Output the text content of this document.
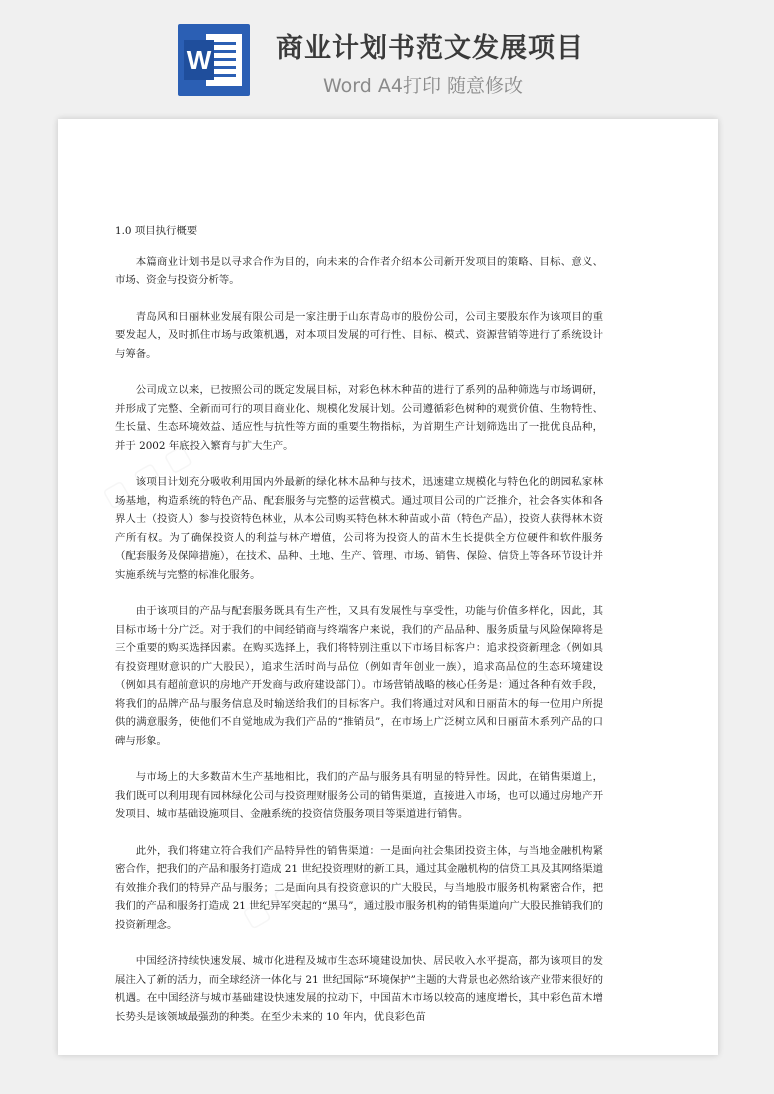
W 商业计划书范文发展项目
Word A4打印 随意修改
1.0 项目执行概要

本篇商业计划书是以寻求合作为目的，向未来的合作者介绍本公司新开发项目的策略、目标、意义、市场、资金与投资分析等。

青岛风和日丽林业发展有限公司是一家注册于山东青岛市的股份公司，公司主要股东作为该项目的重要发起人，及时抓住市场与政策机遇，对本项目发展的可行性、目标、模式、资源营销等进行了系统设计与筹备。

公司成立以来，已按照公司的既定发展目标，对彩色林木种苗的进行了系列的品种筛选与市场调研，并形成了完整、全新而可行的项目商业化、规模化发展计划。公司遵循彩色树种的观赏价值、生物特性、生长量、生态环境效益、适应性与抗性等方面的重要生物指标，为首期生产计划筛选出了一批优良品种，并于 2002 年底投入繁育与扩大生产。

该项目计划充分吸收利用国内外最新的绿化林木品种与技术，迅速建立规模化与特色化的朗园私家林场基地，构造系统的特色产品、配套服务与完整的运营模式。通过项目公司的广泛推介，社会各实体和各界人士（投资人）参与投资特色林业，从本公司购买特色林木种苗或小苗（特色产品），投资人获得林木资产所有权。为了确保投资人的利益与林产增值，公司将为投资人的苗木生长提供全方位硬件和软件服务（配套服务及保障措施），在技术、品种、土地、生产、管理、市场、销售、保险、信贷上等各环节设计并实施系统与完整的标准化服务。

由于该项目的产品与配套服务既具有生产性，又具有发展性与享受性，功能与价值多样化，因此，其目标市场十分广泛。对于我们的中间经销商与终端客户来说，我们的产品品种、服务质量与风险保障将是三个重要的购买选择因素。在购买选择上，我们将特别注重以下市场目标客户：追求投资新理念（例如具有投资理财意识的广大股民），追求生活时尚与品位（例如青年创业一族），追求高品位的生态环境建设（例如具有超前意识的房地产开发商与政府建设部门）。市场营销战略的核心任务是：通过各种有效手段，将我们的品牌产品与服务信息及时输送给我们的目标客户。我们将通过对风和日丽苗木的每一位用户所提供的满意服务，使他们不自觉地成为我们产品的“推销员”，在市场上广泛树立风和日丽苗木系列产品的口碑与形象。

与市场上的大多数苗木生产基地相比，我们的产品与服务具有明显的特异性。因此，在销售渠道上，我们既可以利用现有园林绿化公司与投资理财服务公司的销售渠道，直接进入市场，也可以通过房地产开发项目、城市基础设施项目、金融系统的投资信贷服务项目等渠道进行销售。

此外，我们将建立符合我们产品特异性的销售渠道：一是面向社会集团投资主体，与当地金融机构紧密合作，把我们的产品和服务打造成 21 世纪投资理财的新工具，通过其金融机构的信贷工具及其网络渠道有效推介我们的特异产品与服务；二是面向具有投资意识的广大股民，与当地股市服务机构紧密合作，把我们的产品和服务打造成 21 世纪异军突起的“黑马”，通过股市服务机构的销售渠道向广大股民推销我们的投资新理念。

中国经济持续快速发展、城市化进程及城市生态环境建设加快、居民收入水平提高，都为该项目的发展注入了新的活力，而全球经济一体化与 21 世纪国际“环境保护”主题的大背景也必然给该产业带来很好的机遇。在中国经济与城市基础建设快速发展的拉动下，中国苗木市场以较高的速度增长，其中彩色苗木增长势头是该领域最强劲的种类。在至少未来的 10 年内，优良彩色苗
